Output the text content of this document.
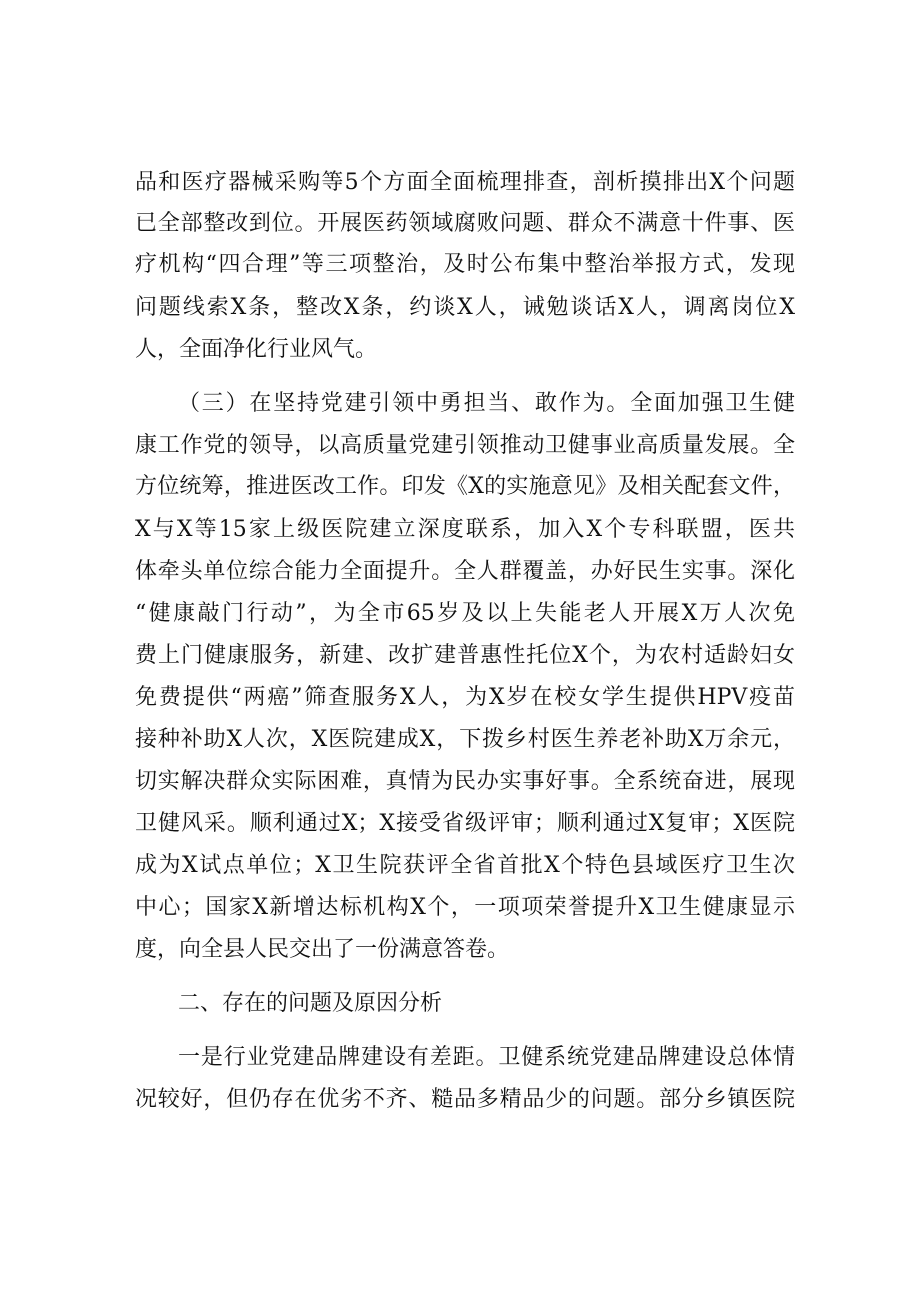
品和医疗器械采购等5个方面全面梳理排查，剖析摸排出X个问题
已全部整改到位。开展医药领域腐败问题、群众不满意十件事、医
疗机构“四合理”等三项整治，及时公布集中整治举报方式，发现
问题线索X条，整改X条，约谈X人，诫勉谈话X人，调离岗位X
人，全面净化行业风气。
（三）在坚持党建引领中勇担当、敢作为。全面加强卫生健
康工作党的领导，以高质量党建引领推动卫健事业高质量发展。全
方位统筹，推进医改工作。印发《X的实施意见》及相关配套文件，
X与X等15家上级医院建立深度联系，加入X个专科联盟，医共
体牵头单位综合能力全面提升。全人群覆盖，办好民生实事。深化
“健康敲门行动”，为全市65岁及以上失能老人开展X万人次免
费上门健康服务，新建、改扩建普惠性托位X个，为农村适龄妇女
免费提供“两癌”筛查服务X人，为X岁在校女学生提供HPV疫苗
接种补助X人次，X医院建成X，下拨乡村医生养老补助X万余元，
切实解决群众实际困难，真情为民办实事好事。全系统奋进，展现
卫健风采。顺利通过X；X接受省级评审；顺利通过X复审；X医院
成为X试点单位；X卫生院获评全省首批X个特色县域医疗卫生次
中心；国家X新增达标机构X个，一项项荣誉提升X卫生健康显示
度，向全县人民交出了一份满意答卷。
二、存在的问题及原因分析
一是行业党建品牌建设有差距。卫健系统党建品牌建设总体情
况较好，但仍存在优劣不齐、糙品多精品少的问题。部分乡镇医院
